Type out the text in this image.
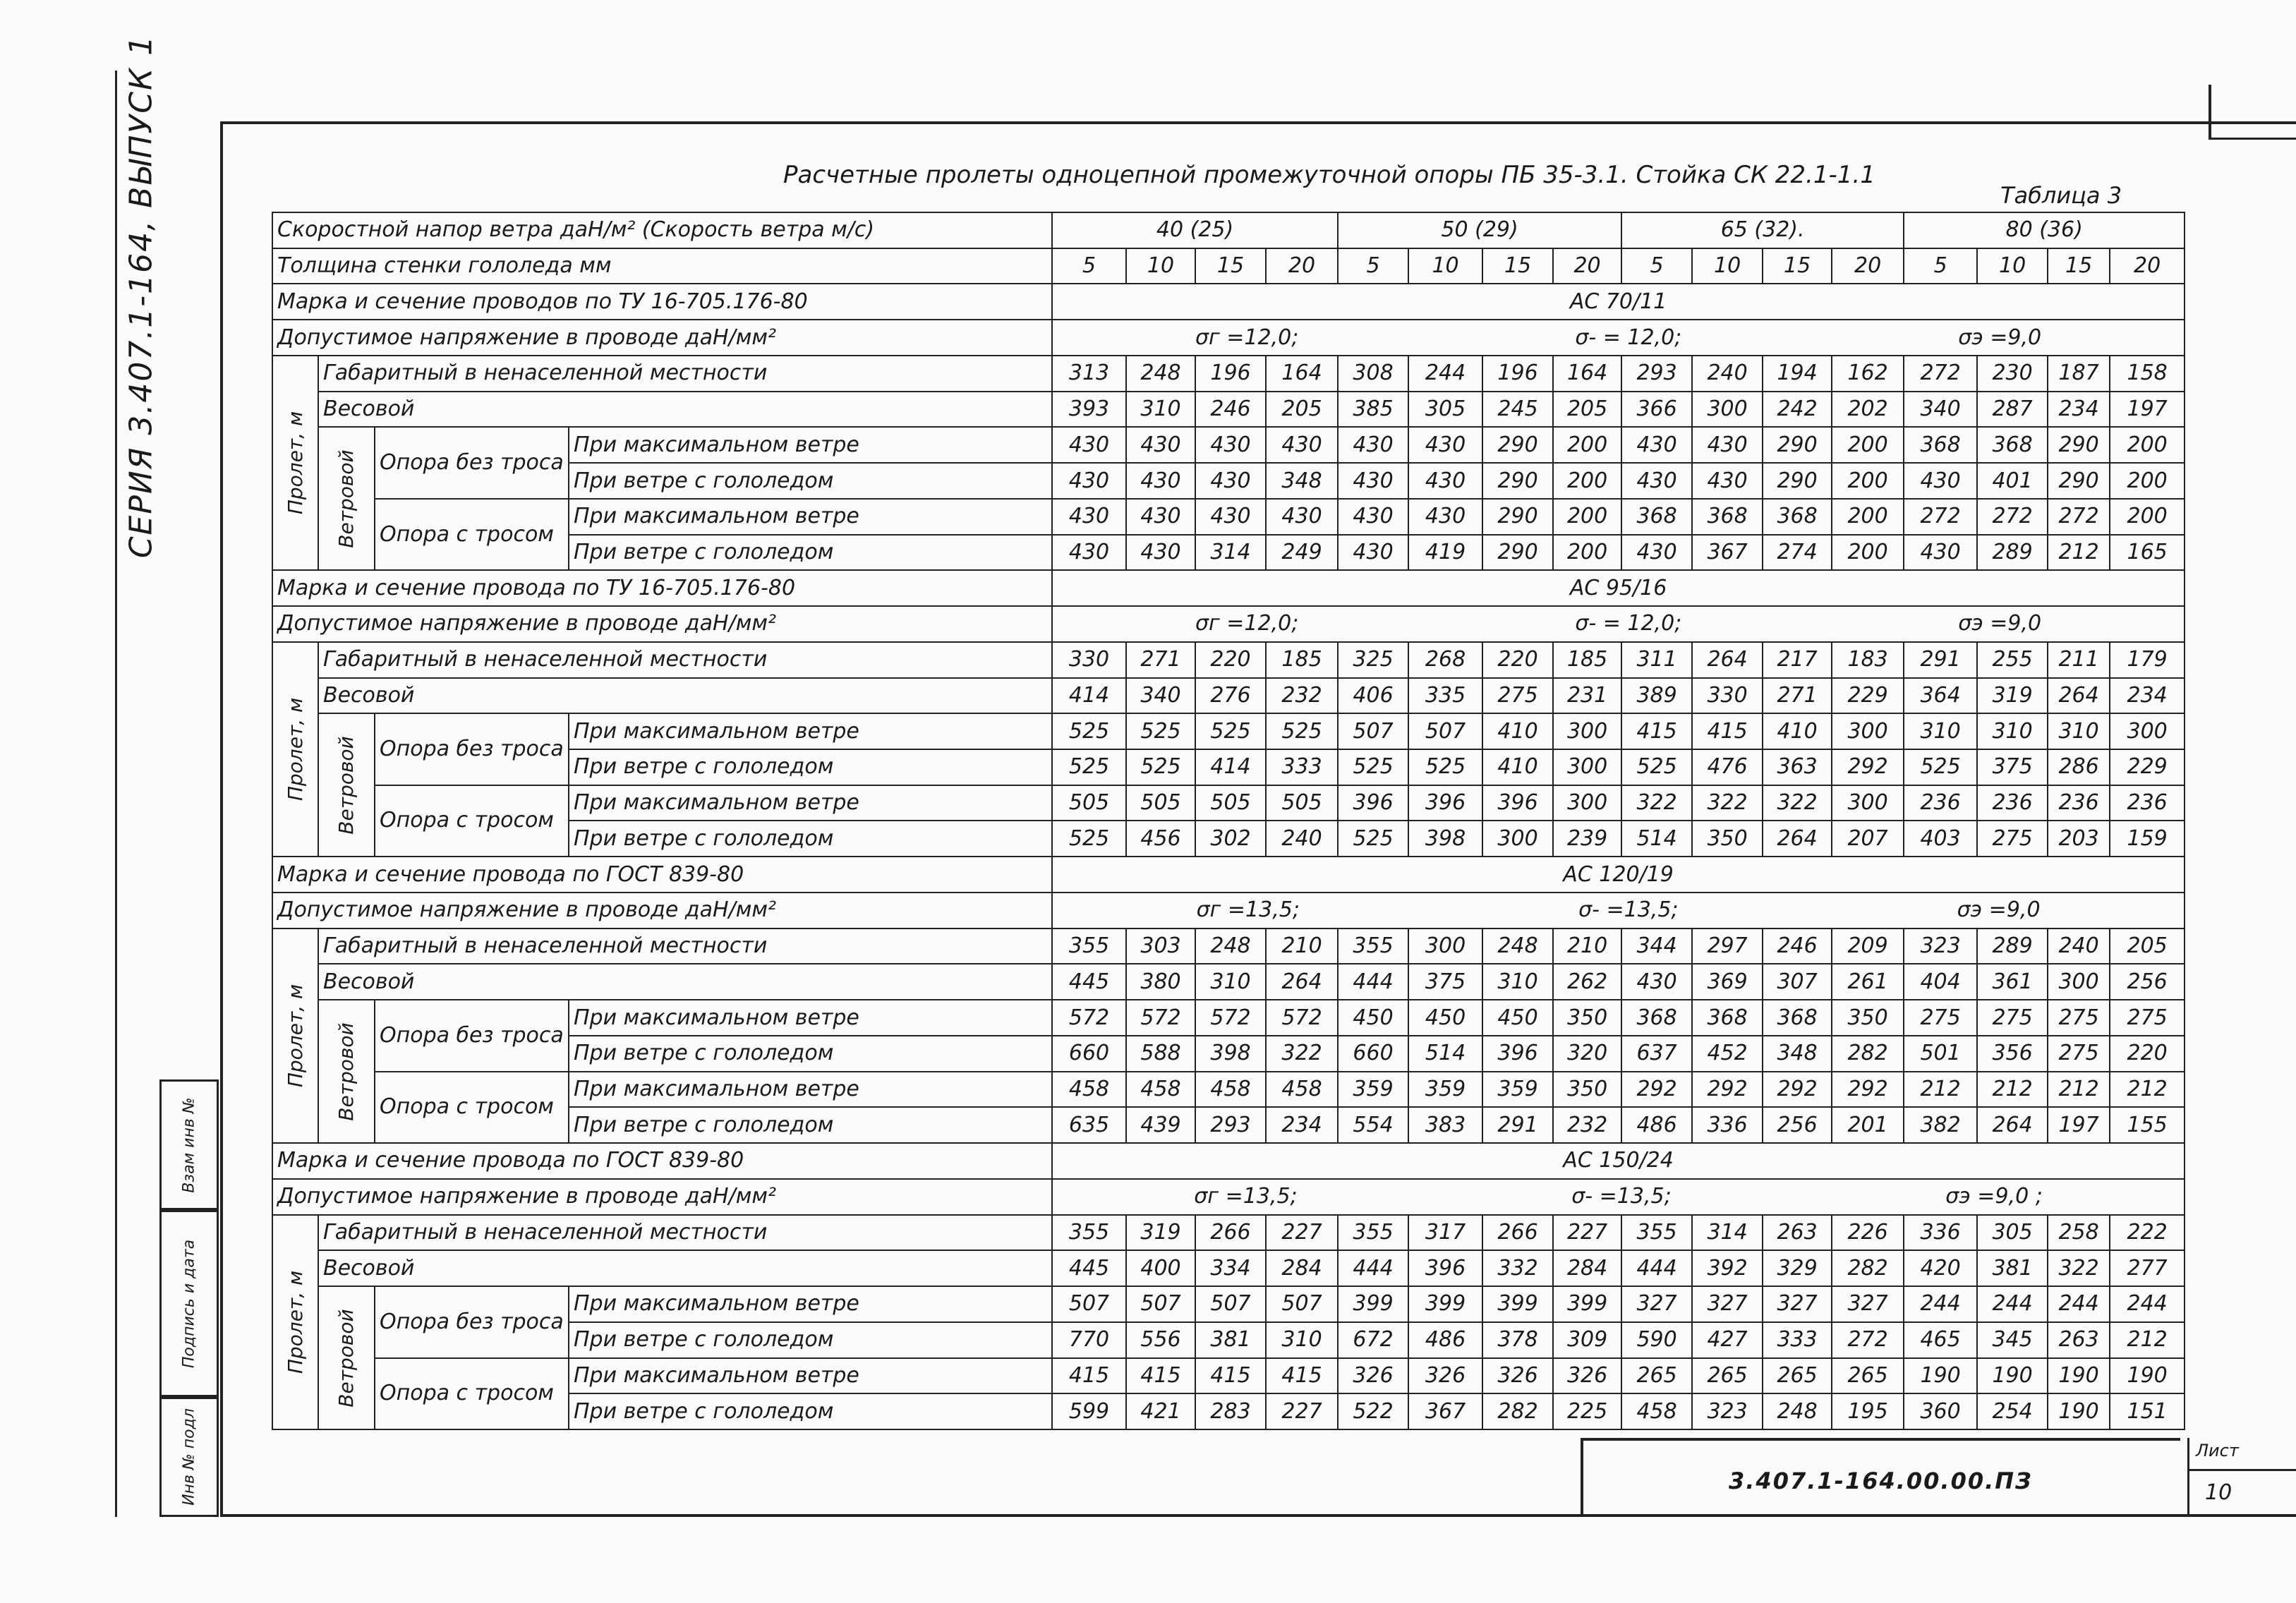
СЕРИЯ 3.407.1-164, ВЫПУСК 1
Взам инв №
Подпись и дата
Инв № подл
Расчетные пролеты одноцепной промежуточной опоры ПБ 35-3.1. Стойка СК 22.1-1.1
Таблица 3
Скоростной напор ветра даН/м² (Скорость ветра м/с)				40 (25)				50 (29)				65 (32).				80 (36)			
Толщина стенки гололеда мм				5	10	15	20	5	10	15	20	5	10	15	20	5	10	15	20
Марка и сечение проводов по ТУ 16-705.176-80				АС 70/11															
Допустимое напряжение в проводе даН/мм²				σг =12,0; σ- = 12,0; σэ =9,0															

Пролет, м	Габаритный в ненаселенной местности			313	248	196	164	308	244	196	164	293	240	194	162	272	230	187	158
	Весовой			393	310	246	205	385	305	245	205	366	300	242	202	340	287	234	197

	Ветровой	Опора без троса	При максимальном ветре	430	430	430	430	430	430	290	200	430	430	290	200	368	368	290	200
			При ветре с гололедом	430	430	430	348	430	430	290	200	430	430	290	200	430	401	290	200
		Опора с тросом	При максимальном ветре	430	430	430	430	430	430	290	200	368	368	368	200	272	272	272	200
			При ветре с гололедом	430	430	314	249	430	419	290	200	430	367	274	200	430	289	212	165
Марка и сечение провода по ТУ 16-705.176-80				АС 95/16															
Допустимое напряжение в проводе даН/мм²				σг =12,0; σ- = 12,0; σэ =9,0															

Пролет, м	Габаритный в ненаселенной местности			330	271	220	185	325	268	220	185	311	264	217	183	291	255	211	179
	Весовой			414	340	276	232	406	335	275	231	389	330	271	229	364	319	264	234

	Ветровой	Опора без троса	При максимальном ветре	525	525	525	525	507	507	410	300	415	415	410	300	310	310	310	300
			При ветре с гололедом	525	525	414	333	525	525	410	300	525	476	363	292	525	375	286	229
		Опора с тросом	При максимальном ветре	505	505	505	505	396	396	396	300	322	322	322	300	236	236	236	236
			При ветре с гололедом	525	456	302	240	525	398	300	239	514	350	264	207	403	275	203	159
Марка и сечение провода по ГОСТ 839-80				АС 120/19															
Допустимое напряжение в проводе даН/мм²				σг =13,5; σ- =13,5; σэ =9,0															

Пролет, м	Габаритный в ненаселенной местности			355	303	248	210	355	300	248	210	344	297	246	209	323	289	240	205
	Весовой			445	380	310	264	444	375	310	262	430	369	307	261	404	361	300	256

	Ветровой	Опора без троса	При максимальном ветре	572	572	572	572	450	450	450	350	368	368	368	350	275	275	275	275
			При ветре с гололедом	660	588	398	322	660	514	396	320	637	452	348	282	501	356	275	220
		Опора с тросом	При максимальном ветре	458	458	458	458	359	359	359	350	292	292	292	292	212	212	212	212
			При ветре с гололедом	635	439	293	234	554	383	291	232	486	336	256	201	382	264	197	155
Марка и сечение провода по ГОСТ 839-80				АС 150/24															
Допустимое напряжение в проводе даН/мм²				σг =13,5; σ- =13,5; σэ =9,0 ;															

Пролет, м	Габаритный в ненаселенной местности			355	319	266	227	355	317	266	227	355	314	263	226	336	305	258	222
	Весовой			445	400	334	284	444	396	332	284	444	392	329	282	420	381	322	277

	Ветровой	Опора без троса	При максимальном ветре	507	507	507	507	399	399	399	399	327	327	327	327	244	244	244	244
			При ветре с гололедом	770	556	381	310	672	486	378	309	590	427	333	272	465	345	263	212
		Опора с тросом	При максимальном ветре	415	415	415	415	326	326	326	326	265	265	265	265	190	190	190	190
			При ветре с гололедом	599	421	283	227	522	367	282	225	458	323	248	195	360	254	190	151
3.407.1-164.00.00.ПЗ
Лист
10
